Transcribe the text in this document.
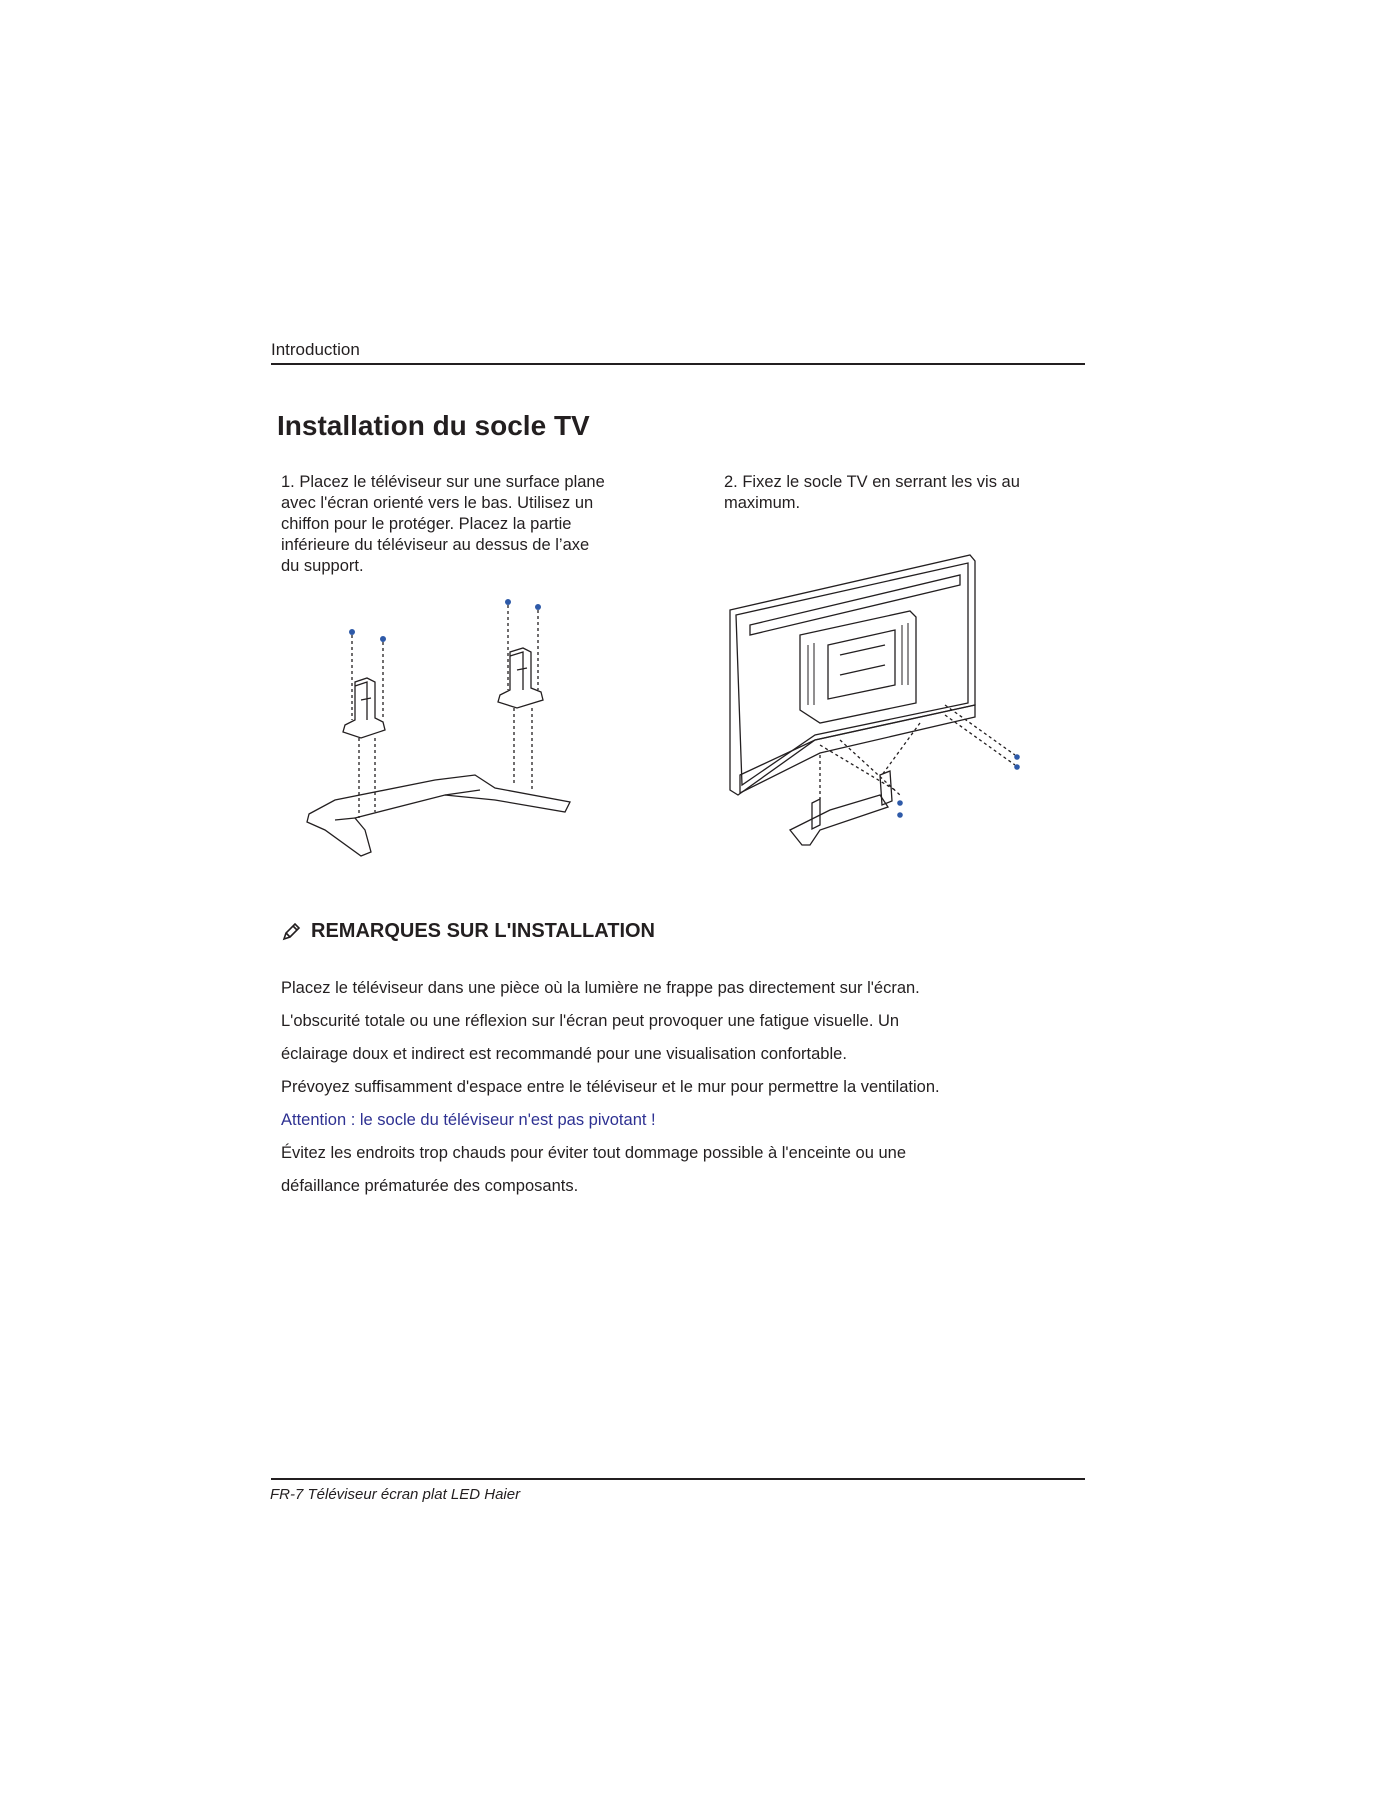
Introduction
Installation du socle TV

1. Placez le téléviseur sur une surface plane avec l'écran orienté vers le bas. Utilisez un chiffon pour le protéger. Placez la partie inférieure du téléviseur au dessus de l’axe du support.

2. Fixez le socle TV en serrant les vis au maximum.

REMARQUES SUR L'INSTALLATION

Placez le téléviseur dans une pièce où la lumière ne frappe pas directement sur l'écran.

L'obscurité totale ou une réflexion sur l'écran peut provoquer une fatigue visuelle. Un

éclairage doux et indirect est recommandé pour une visualisation confortable.

Prévoyez suffisamment d'espace entre le téléviseur et le mur pour permettre la ventilation.

Attention : le socle du téléviseur n'est pas pivotant !

Évitez les endroits trop chauds pour éviter tout dommage possible à l'enceinte ou une

défaillance prématurée des composants.

FR-7 Téléviseur écran plat LED Haier
